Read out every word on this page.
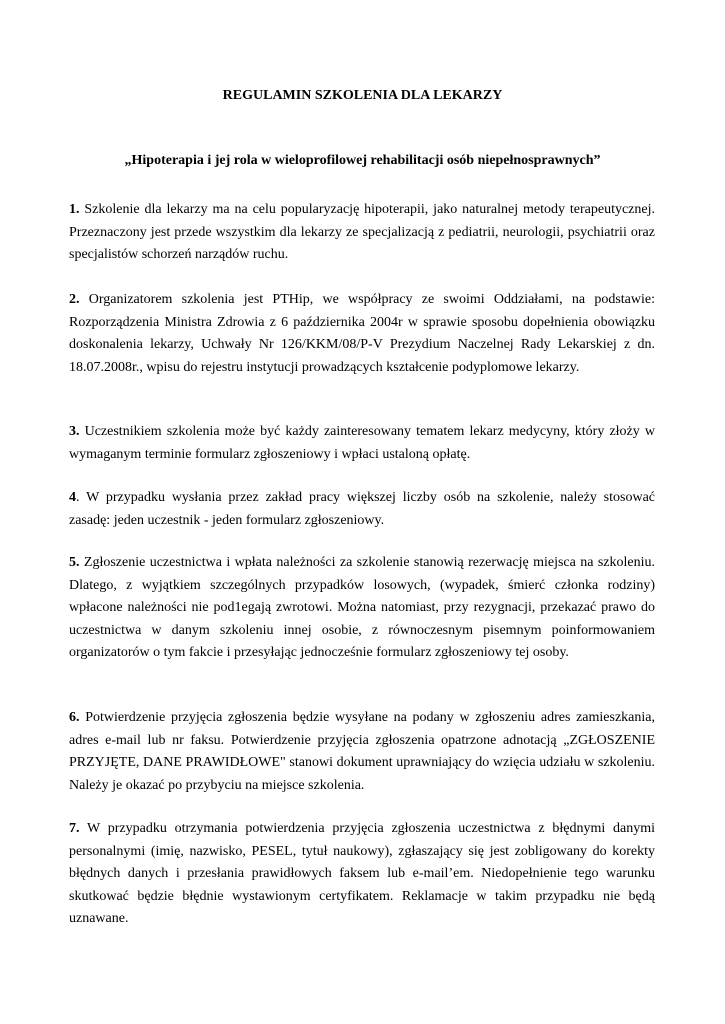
REGULAMIN SZKOLENIA DLA LEKARZY
„Hipoterapia i jej rola w wieloprofilowej rehabilitacji osób niepełnosprawnych”

1. Szkolenie dla lekarzy ma na celu popularyzację hipoterapii, jako naturalnej metody terapeutycznej. Przeznaczony jest przede wszystkim dla lekarzy ze specjalizacją z pediatrii, neurologii, psychiatrii oraz specjalistów schorzeń narządów ruchu.

2. Organizatorem szkolenia jest PTHip, we współpracy ze swoimi Oddziałami, na podstawie: Rozporządzenia Ministra Zdrowia z 6 października 2004r w sprawie sposobu dopełnienia obowiązku doskonalenia lekarzy, Uchwały Nr 126/KKM/08/P-V Prezydium Naczelnej Rady Lekarskiej z dn. 18.07.2008r., wpisu do rejestru instytucji prowadzących kształcenie podyplomowe lekarzy.

3. Uczestnikiem szkolenia może być każdy zainteresowany tematem lekarz medycyny, który złoży w wymaganym terminie formularz zgłoszeniowy i wpłaci ustaloną opłatę.

4. W przypadku wysłania przez zakład pracy większej liczby osób na szkolenie, należy stosować zasadę: jeden uczestnik - jeden formularz zgłoszeniowy.

5. Zgłoszenie uczestnictwa i wpłata należności za szkolenie stanowią rezerwację miejsca na szkoleniu. Dlatego, z wyjątkiem szczególnych przypadków losowych, (wypadek, śmierć członka rodziny) wpłacone należności nie pod1egają zwrotowi. Można natomiast, przy rezygnacji, przekazać prawo do uczestnictwa w danym szkoleniu innej osobie, z równoczesnym pisemnym poinformowaniem organizatorów o tym fakcie i przesyłając jednocześnie formularz zgłoszeniowy tej osoby.

6. Potwierdzenie przyjęcia zgłoszenia będzie wysyłane na podany w zgłoszeniu adres zamieszkania, adres e-mail lub nr faksu. Potwierdzenie przyjęcia zgłoszenia opatrzone adnotacją „ZGŁOSZENIE PRZYJĘTE, DANE PRAWIDŁOWE" stanowi dokument uprawniający do wzięcia udziału w szkoleniu. Należy je okazać po przybyciu na miejsce szkolenia.

7. W przypadku otrzymania potwierdzenia przyjęcia zgłoszenia uczestnictwa z błędnymi danymi personalnymi (imię, nazwisko, PESEL, tytuł naukowy), zgłaszający się jest zobligowany do korekty błędnych danych i przesłania prawidłowych faksem lub e-mail’em. Niedopełnienie tego warunku skutkować będzie błędnie wystawionym certyfikatem. Reklamacje w takim przypadku nie będą uznawane.
